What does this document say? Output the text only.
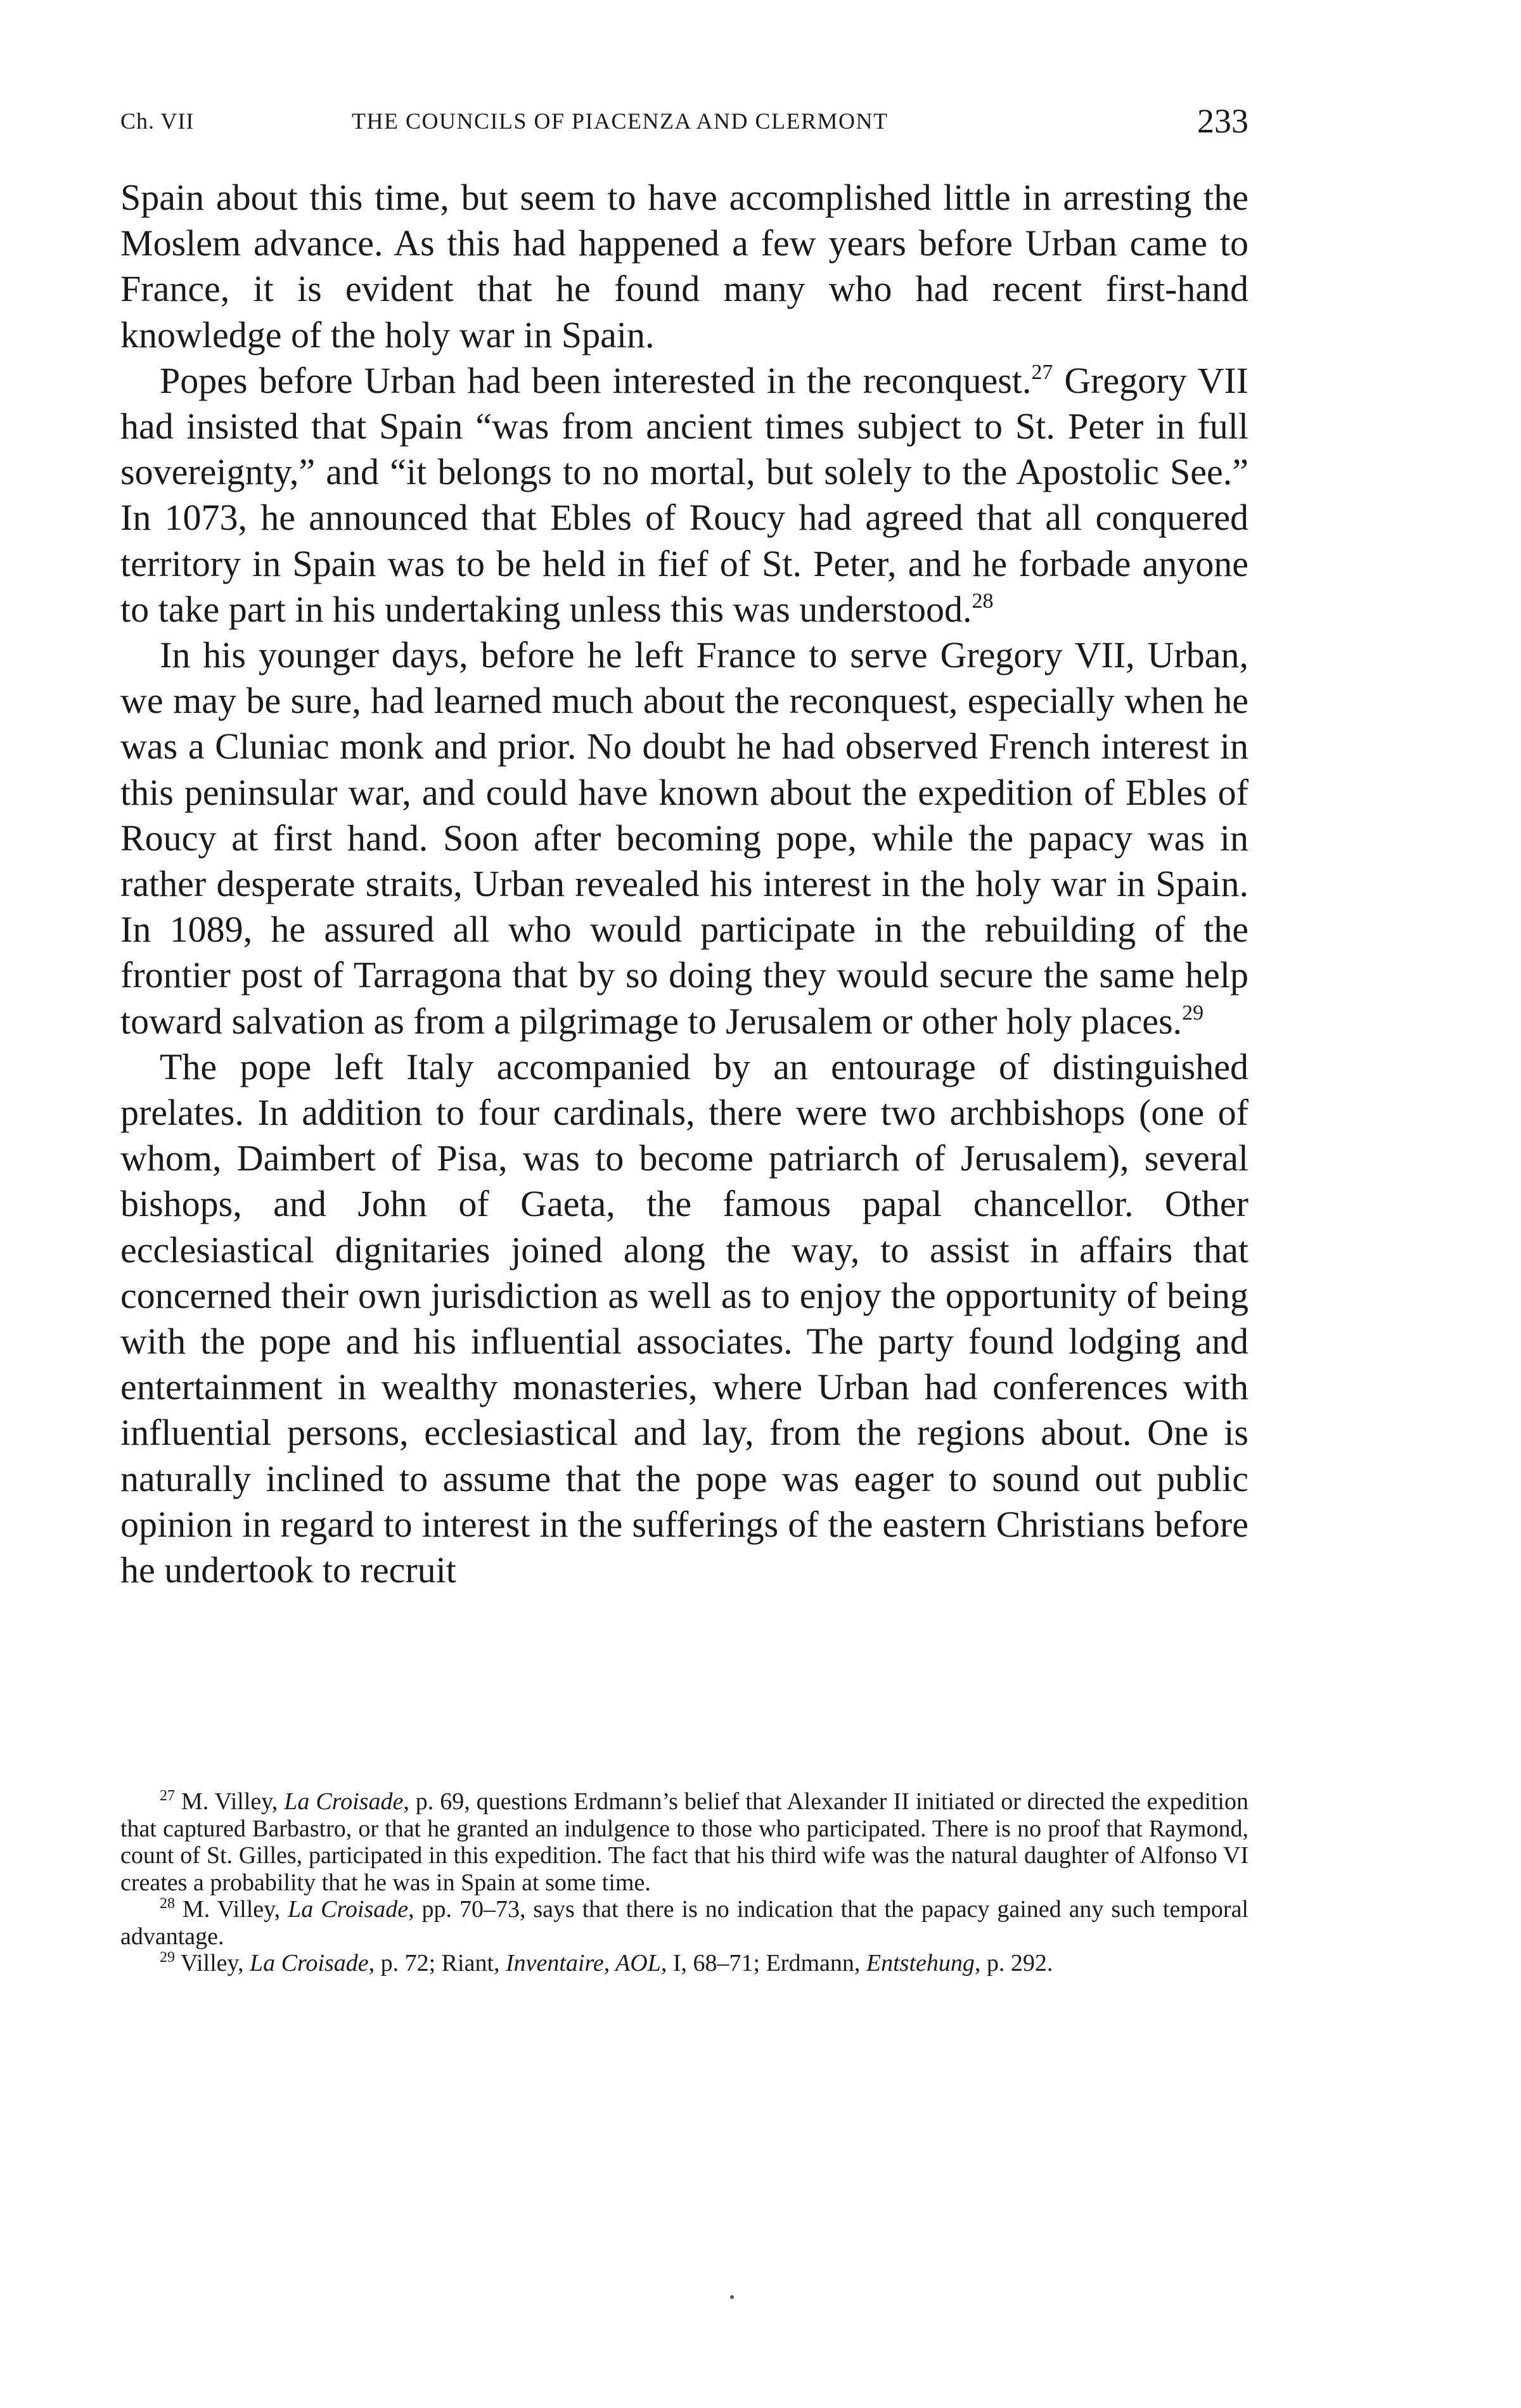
Ch. VII	THE COUNCILS OF PIACENZA AND CLERMONT	233

Spain about this time, but seem to have accomplished little in arresting the Moslem advance. As this had happened a few years before Urban came to France, it is evident that he found many who had recent first-hand knowledge of the holy war in Spain.

Popes before Urban had been interested in the reconquest.$^{27}$ Gregory VII had insisted that Spain “was from ancient times subject to St. Peter in full sovereignty,” and “it belongs to no mortal, but solely to the Apostolic See.” In 1073, he announced that Ebles of Roucy had agreed that all conquered territory in Spain was to be held in fief of St. Peter, and he forbade anyone to take part in his undertaking unless this was understood.$^{28}$

In his younger days, before he left France to serve Gregory VII, Urban, we may be sure, had learned much about the reconquest, especially when he was a Cluniac monk and prior. No doubt he had observed French interest in this peninsular war, and could have known about the expedition of Ebles of Roucy at first hand. Soon after becoming pope, while the papacy was in rather desperate straits, Urban revealed his interest in the holy war in Spain. In 1089, he assured all who would participate in the rebuilding of the frontier post of Tarragona that by so doing they would secure the same help toward salvation as from a pilgrimage to Jerusalem or other holy places.$^{29}$

The pope left Italy accompanied by an entourage of distinguished prelates. In addition to four cardinals, there were two archbishops (one of whom, Daimbert of Pisa, was to become patriarch of Jerusalem), several bishops, and John of Gaeta, the famous papal chancellor. Other ecclesiastical dignitaries joined along the way, to assist in affairs that concerned their own jurisdiction as well as to enjoy the opportunity of being with the pope and his influential associates. The party found lodging and entertainment in wealthy monasteries, where Urban had conferences with influential persons, ecclesiastical and lay, from the regions about. One is naturally inclined to assume that the pope was eager to sound out public opinion in regard to interest in the sufferings of the eastern Christians before he undertook to recruit

$^{27}$ M. Villey, La Croisade, p. 69, questions Erdmann’s belief that Alexander II initiated or directed the expedition that captured Barbastro, or that he granted an indulgence to those who participated. There is no proof that Raymond, count of St. Gilles, participated in this expedition. The fact that his third wife was the natural daughter of Alfonso VI creates a probability that he was in Spain at some time.

$^{28}$ M. Villey, La Croisade, pp. 70–73, says that there is no indication that the papacy gained any such temporal advantage.

$^{29}$ Villey, La Croisade, p. 72; Riant, Inventaire, AOL, I, 68–71; Erdmann, Entstehung, p. 292.
